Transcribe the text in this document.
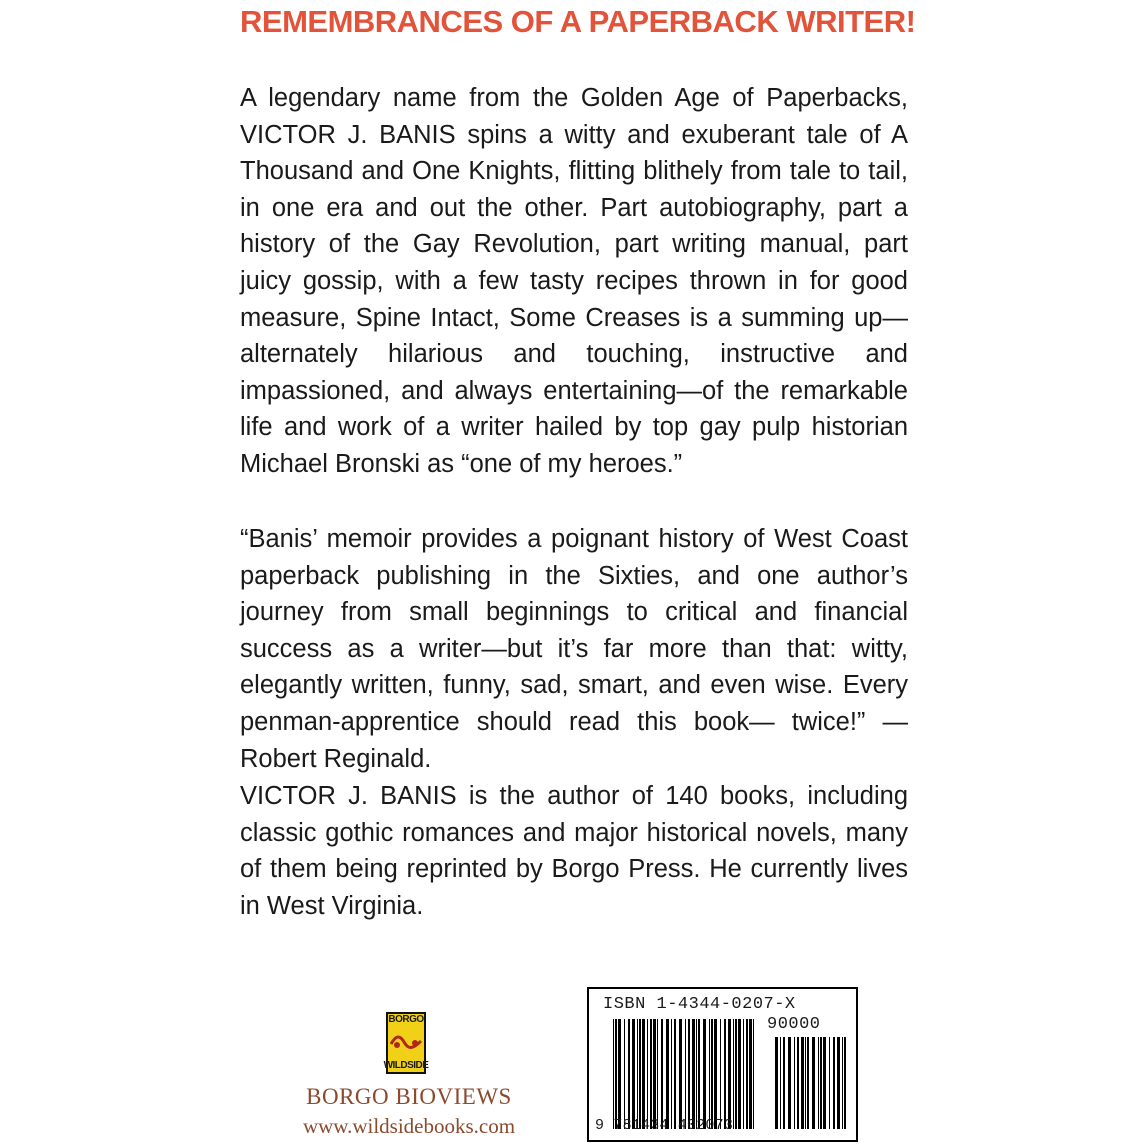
REMEMBRANCES OF A PAPERBACK WRITER!

A legendary name from the Golden Age of Paperbacks, VICTOR J. BANIS spins a witty and exuberant tale of A Thousand and One Knights, flitting blithely from tale to tail, in one era and out the other. Part autobiography, part a history of the Gay Revolution, part writing manual, part juicy gossip, with a few tasty recipes thrown in for good measure, Spine Intact, Some Creases is a summing up—alternately hilarious and touching, instructive and impassioned, and always entertaining—of the remarkable life and work of a writer hailed by top gay pulp historian Michael Bronski as “one of my heroes.”

“Banis’ memoir provides a poignant history of West Coast paperback publishing in the Sixties, and one author’s journey from small beginnings to critical and financial success as a writer—but it’s far more than that: witty, elegantly written, funny, sad, smart, and even wise. Every penman-apprentice should read this book— twice!” —Robert Reginald.

VICTOR J. BANIS is the author of 140 books, including classic gothic romances and major historical novels, many of them being reprinted by Borgo Press. He currently lives in West Virginia.

BORGO
WILDSIDE
BORGO BIOVIEWS
www.wildsidebooks.com
ISBN 1-4344-0207-X
90000
9 781434 402073
